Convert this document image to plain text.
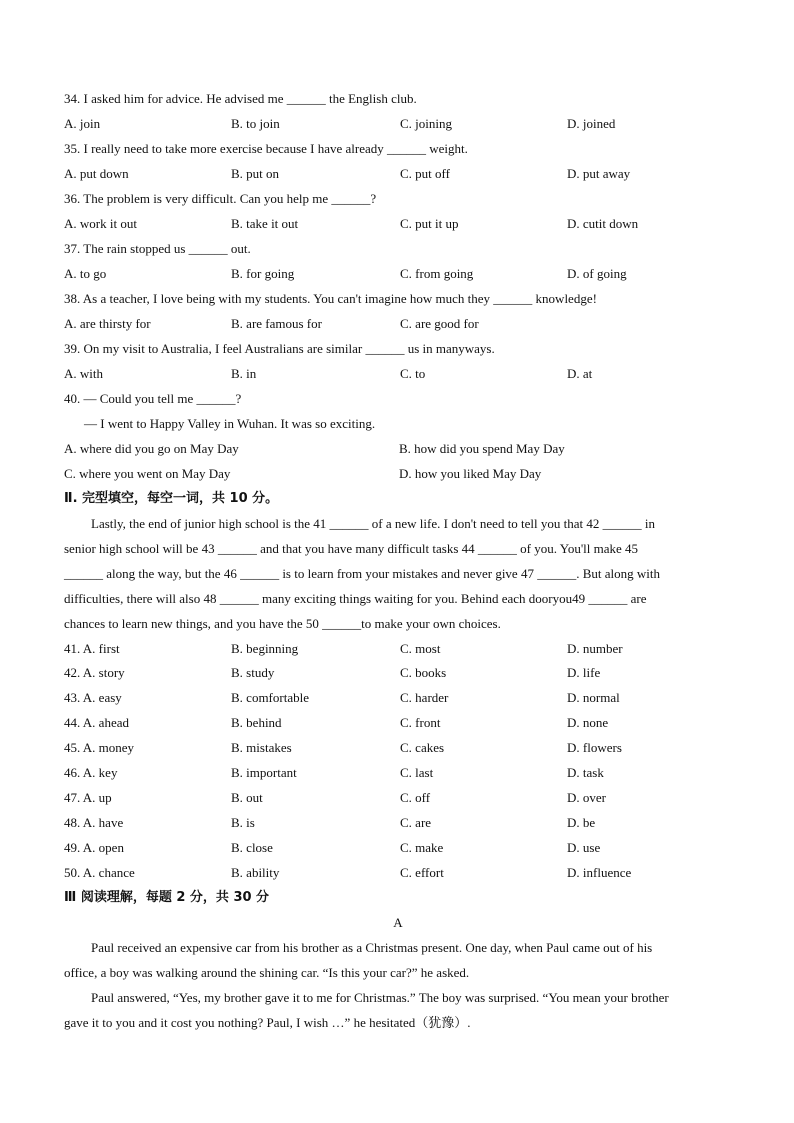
34. I asked him for advice. He advised me ______ the English club.
A. join	B. to join	C. joining	D. joined
35. I really need to take more exercise because I have already ______ weight.
A. put down	B. put on	C. put off	D. put away
36. The problem is very difficult. Can you help me ______?
A. work it out	B. take it out	C. put it up	D. cutit down
37. The rain stopped us ______ out.
A. to go	B. for going	C. from going	D. of going
38. As a teacher, I love being with my students. You can't imagine how much they ______ knowledge!
A. are thirsty for	B. are famous for	C. are good for
39. On my visit to Australia, I feel Australians are similar ______ us in manyways.
A. with	B. in	C. to	D. at
40. — Could you tell me ______?
— I went to Happy Valley in Wuhan. It was so exciting.
A. where did you go on May Day	B. how did you spend May Day
C. where you went on May Day	D. how you liked May Day
Ⅱ. 完型填空，每空一词，共 10 分。
Lastly, the end of junior high school is the 41 ______ of a new life. I don't need to tell you that 42 ______ in
senior high school will be 43 ______ and that you have many difficult tasks 44 ______ of you. You'll make 45
______ along the way, but the 46 ______ is to learn from your mistakes and never give 47 ______. But along with
difficulties, there will also 48 ______ many exciting things waiting for you. Behind each dooryou49 ______ are
chances to learn new things, and you have the 50 ______to make your own choices.
41. A. first	B. beginning	C. most	D. number
42. A. story	B. study	C. books	D. life
43. A. easy	B. comfortable	C. harder	D. normal
44. A. ahead	B. behind	C. front	D. none
45. A. money	B. mistakes	C. cakes	D. flowers
46. A. key	B. important	C. last	D. task
47. A. up	B. out	C. off	D. over
48. A. have	B. is	C. are	D. be
49. A. open	B. close	C. make	D. use
50. A. chance	B. ability	C. effort	D. influence
Ⅲ 阅读理解，每题 2 分，共 30 分
A
Paul received an expensive car from his brother as a Christmas present. One day, when Paul came out of his
office, a boy was walking around the shining car. “Is this your car?” he asked.
Paul answered, “Yes, my brother gave it to me for Christmas.” The boy was surprised. “You mean your brother
gave it to you and it cost you nothing? Paul, I wish …” he hesitated（犹豫）.
